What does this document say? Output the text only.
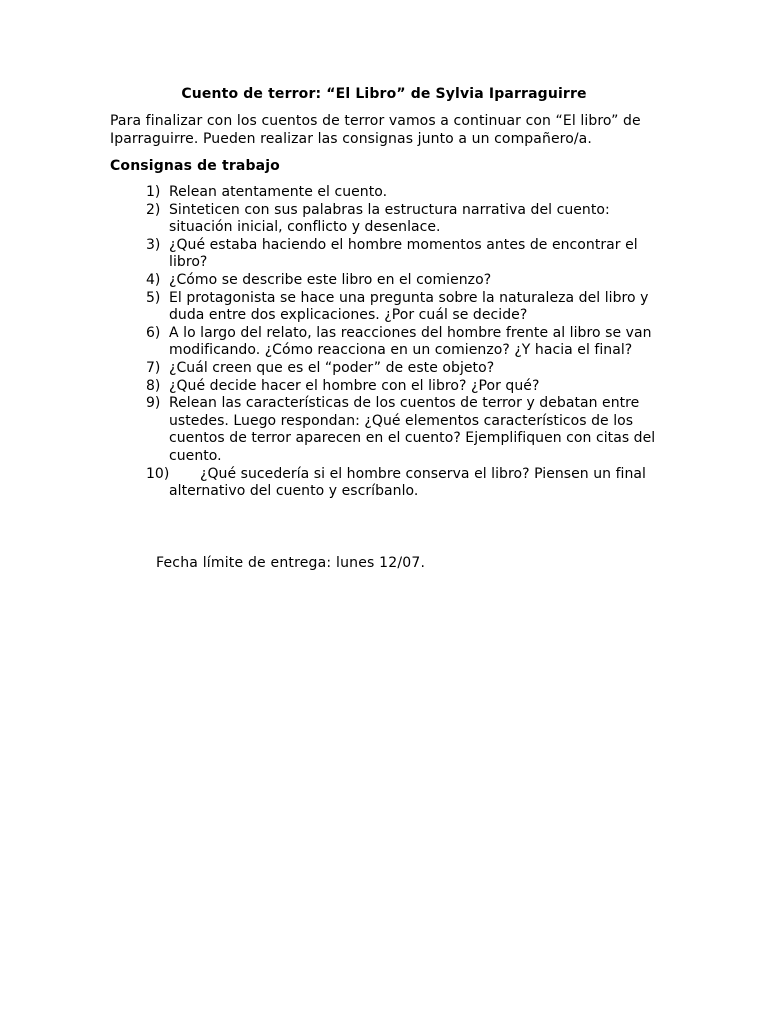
Cuento de terror: “El Libro” de Sylvia Iparraguirre

Para finalizar con los cuentos de terror vamos a continuar con “El libro” de Iparraguirre. Pueden realizar las consignas junto a un compañero/a.

Consignas de trabajo

1) Relean atentamente el cuento.
2) Sinteticen con sus palabras la estructura narrativa del cuento: situación inicial, conflicto y desenlace.
3) ¿Qué estaba haciendo el hombre momentos antes de encontrar el libro?
4) ¿Cómo se describe este libro en el comienzo?
5) El protagonista se hace una pregunta sobre la naturaleza del libro y duda entre dos explicaciones. ¿Por cuál se decide?
6) A lo largo del relato, las reacciones del hombre frente al libro se van modificando. ¿Cómo reacciona en un comienzo? ¿Y hacia el final?
7) ¿Cuál creen que es el “poder” de este objeto?
8) ¿Qué decide hacer el hombre con el libro? ¿Por qué?
9) Relean las características de los cuentos de terror y debatan entre ustedes. Luego respondan: ¿Qué elementos característicos de los cuentos de terror aparecen en el cuento? Ejemplifiquen con citas del cuento.
10)	¿Qué sucedería si el hombre conserva el libro? Piensen un final alternativo del cuento y escríbanlo.

Fecha límite de entrega: lunes 12/07.
